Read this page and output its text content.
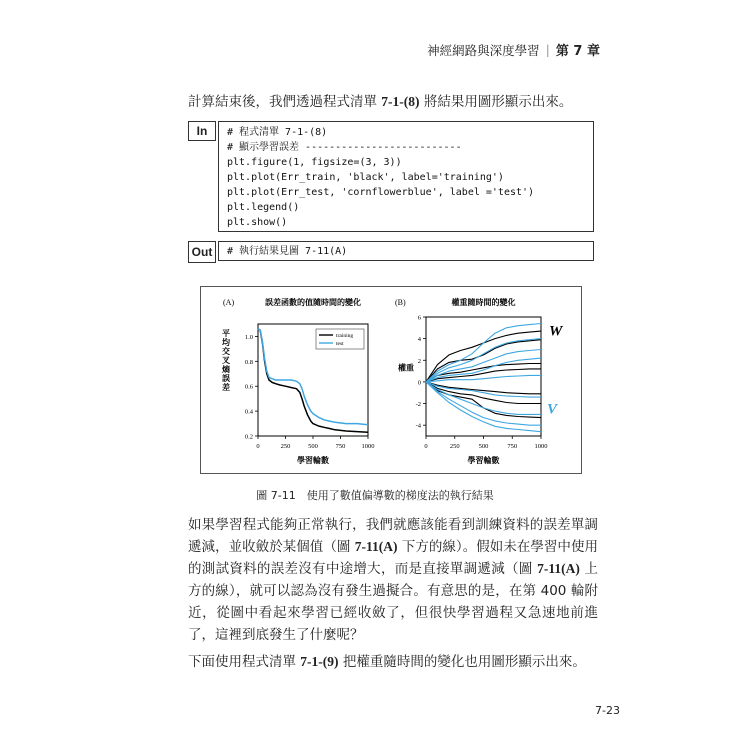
神經網路與深度學習 | 第 7 章
計算結束後，我們透過程式清單 7-1-(8) 將結果用圖形顯示出來。
In	# 程式清單 7-1-(8)
# 顯示學習誤差 --------------------------
plt.figure(1, figsize=(3, 3))
plt.plot(Err_train, 'black', label='training')
plt.plot(Err_test, 'cornflowerblue', label ='test')
plt.legend()
plt.show()
Out	# 執行結果見圖 7-11(A)
(A)	誤差函數的值隨時間的變化
0	250	500	750 1000
0.2
0.4
0.6
0.8
1.0
學習輪數
平均交叉熵誤差	training
test
(B)	權重隨時間的變化
0	250	500	750	1000
6
4
2
0
-2
-4
學習輪數
權重
W
V
圖 7-11　使用了數值偏導數的梯度法的執行結果
如果學習程式能夠正常執行，我們就應該能看到訓練資料的誤差單調遞減，並收斂於某個值（圖 7-11(A) 下方的線）。假如未在學習中使用的測試資料的誤差沒有中途增大，而是直接單調遞減（圖 7-11(A) 上方的線），就可以認為沒有發生過擬合。有意思的是，在第 400 輪附近，從圖中看起來學習已經收斂了，但很快學習過程又急速地前進了，這裡到底發生了什麼呢？
下面使用程式清單 7-1-(9) 把權重隨時間的變化也用圖形顯示出來。
7-23
